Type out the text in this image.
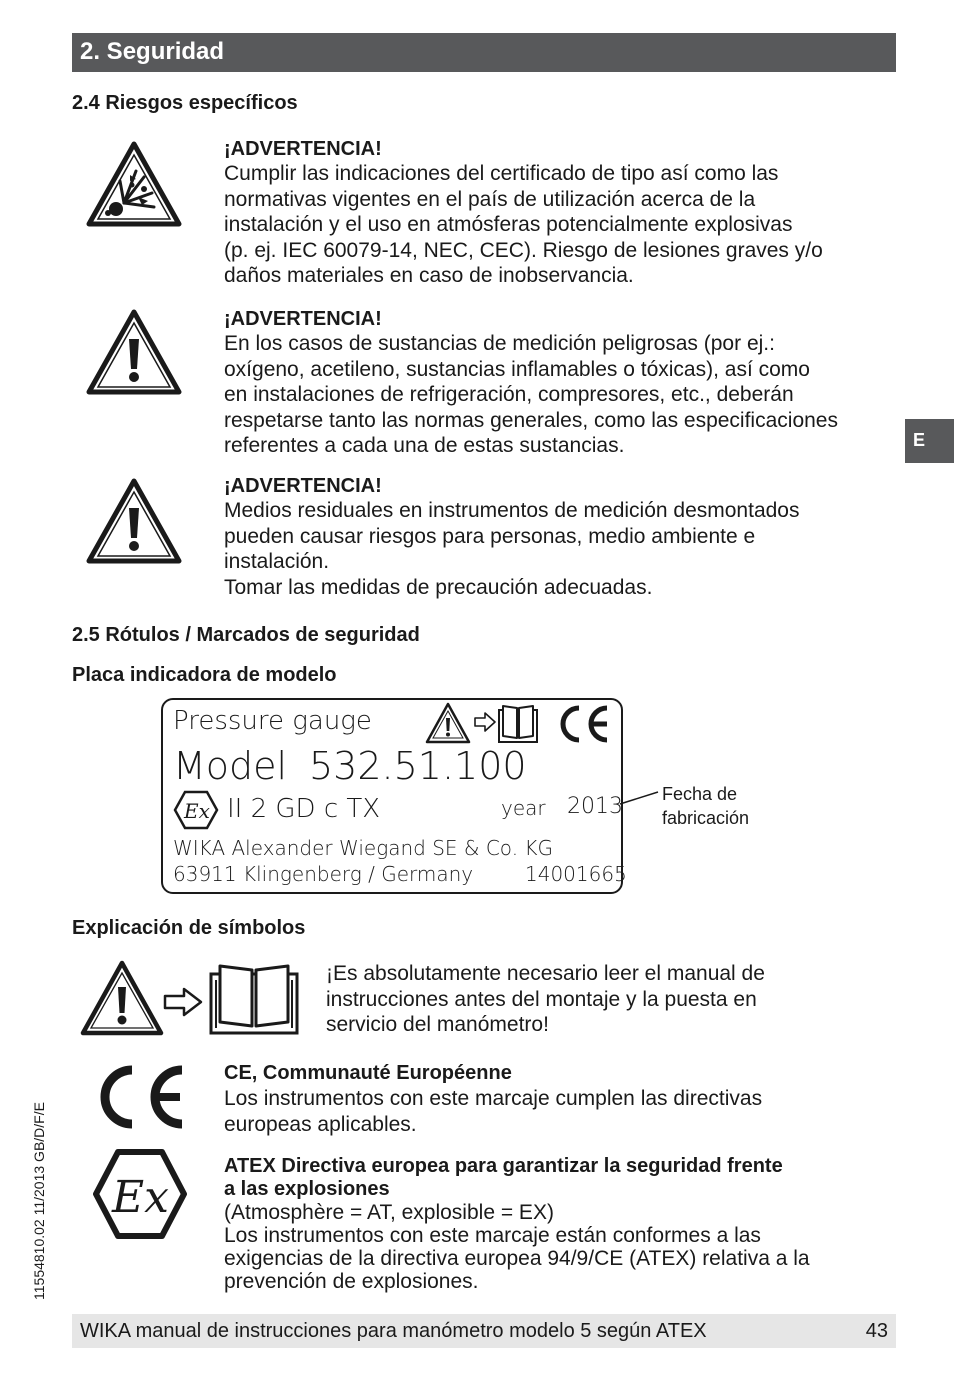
2. Seguridad
E
11554810.02 11/2013 GB/D/F/E
2.4 Riesgos específicos
¡ADVERTENCIA!
Cumplir las indicaciones del certificado de tipo así como las
normativas vigentes en el país de utilización acerca de la
instalación y el uso en atmósferas potencialmente explosivas
(p. ej. IEC 60079-14, NEC, CEC). Riesgo de lesiones graves y/o
daños materiales en caso de inobservancia.
¡ADVERTENCIA!
En los casos de sustancias de medición peligrosas (por ej.:
oxígeno, acetileno, sustancias inflamables o tóxicas), así como
en instalaciones de refrigeración, compresores, etc., deberán
respetarse tanto las normas generales, como las especificaciones
referentes a cada una de estas sustancias.
¡ADVERTENCIA!
Medios residuales en instrumentos de medición desmontados
pueden causar riesgos para personas, medio ambiente e
instalación.
Tomar las medidas de precaución adecuadas.
2.5 Rótulos / Marcados de seguridad
Placa indicadora de modelo
Pressure gauge
Model 532.51.100
Ex II 2 GD c TX	year 2013
WIKA Alexander Wiegand SE & Co. KG
63911 Klingenberg / Germany	14001665
Fecha de
fabricación
Explicación de símbolos
¡Es absolutamente necesario leer el manual de
instrucciones antes del montaje y la puesta en
servicio del manómetro!
CE, Communauté Européenne
Los instrumentos con este marcaje cumplen las directivas
europeas aplicables.
Ex
ATEX Directiva europea para garantizar la seguridad frente
a las explosiones
(Atmosphère = AT, explosible = EX)
Los instrumentos con este marcaje están conformes a las
exigencias de la directiva europea 94/9/CE (ATEX) relativa a la
prevención de explosiones.
WIKA manual de instrucciones para manómetro modelo 5 según ATEX	43
